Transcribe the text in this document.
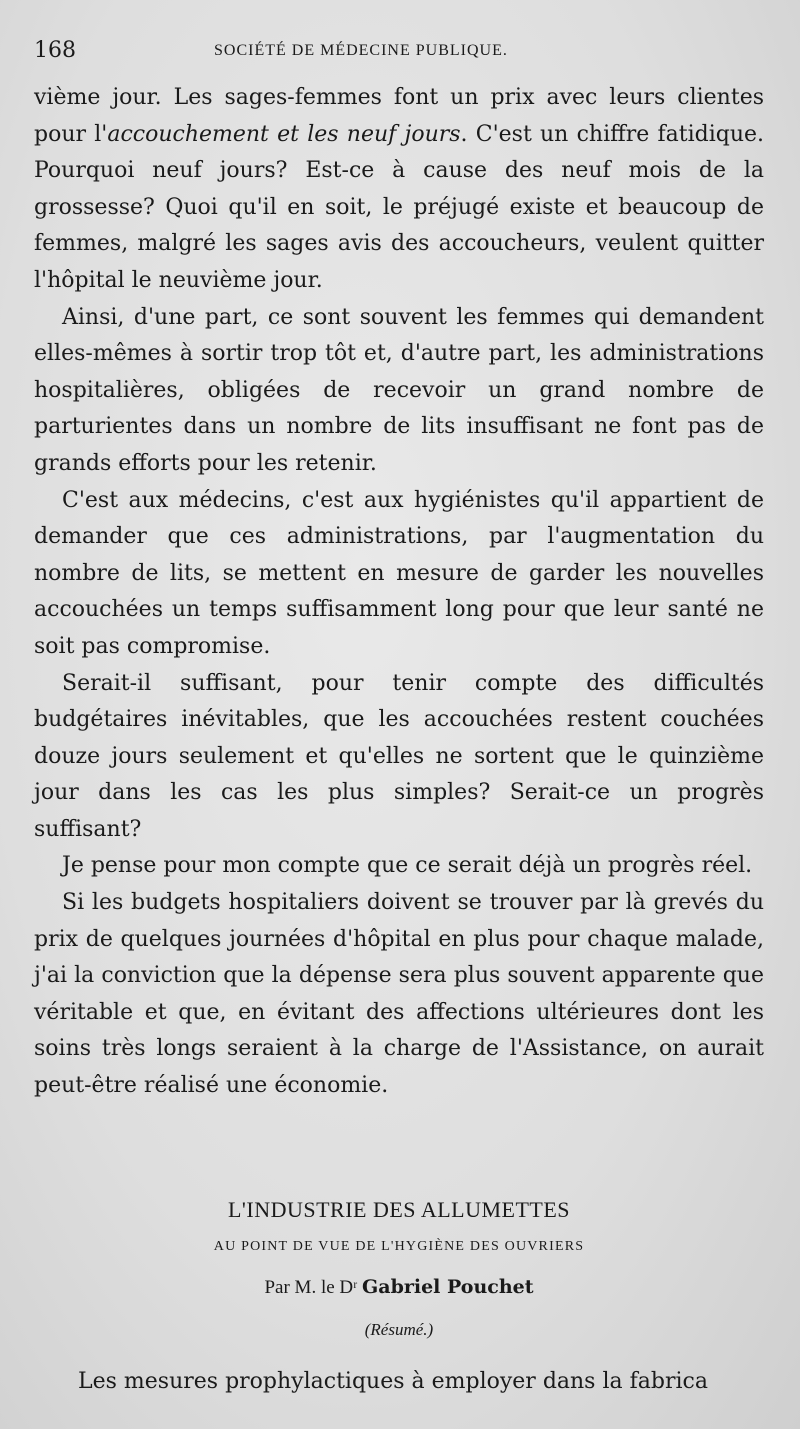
168	SOCIÉTÉ DE MÉDECINE PUBLIQUE.

vième jour. Les sages-femmes font un prix avec leurs clientes pour l'accouchement et les neuf jours. C'est un chiffre fatidique. Pourquoi neuf jours? Est-ce à cause des neuf mois de la grossesse? Quoi qu'il en soit, le préjugé existe et beaucoup de femmes, malgré les sages avis des accoucheurs, veulent quitter l'hôpital le neuvième jour.

Ainsi, d'une part, ce sont souvent les femmes qui demandent elles-mêmes à sortir trop tôt et, d'autre part, les administrations hospitalières, obligées de recevoir un grand nombre de parturientes dans un nombre de lits insuffisant ne font pas de grands efforts pour les retenir.

C'est aux médecins, c'est aux hygiénistes qu'il appartient de demander que ces administrations, par l'augmentation du nombre de lits, se mettent en mesure de garder les nouvelles accouchées un temps suffisamment long pour que leur santé ne soit pas compromise.

Serait-il suffisant, pour tenir compte des difficultés budgétaires inévitables, que les accouchées restent couchées douze jours seulement et qu'elles ne sortent que le quinzième jour dans les cas les plus simples? Serait-ce un progrès suffisant?

Je pense pour mon compte que ce serait déjà un progrès réel.

Si les budgets hospitaliers doivent se trouver par là grevés du prix de quelques journées d'hôpital en plus pour chaque malade, j'ai la conviction que la dépense sera plus souvent apparente que véritable et que, en évitant des affections ultérieures dont les soins très longs seraient à la charge de l'Assistance, on aurait peut-être réalisé une économie.

L'INDUSTRIE DES ALLUMETTES
AU POINT DE VUE DE L'HYGIÈNE DES OUVRIERS
Par M. le Dʳ Gabriel Pouchet
(Résumé.)
Les mesures prophylactiques à employer dans la fabrica
